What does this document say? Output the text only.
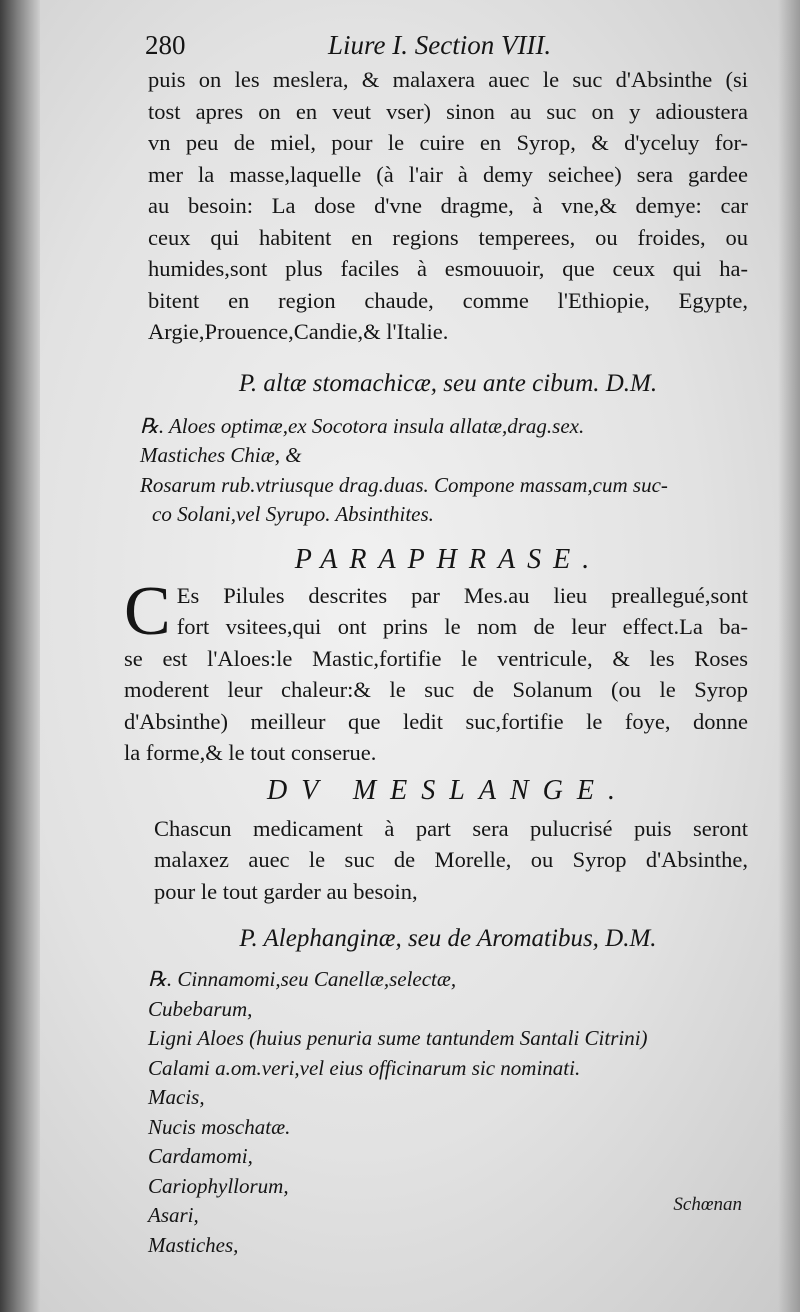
280	Liure I. Section VIII.

puis on les meslera, & malaxera auec le suc d'Absinthe (si
tost apres on en veut vser) sinon au suc on y adioustera
vn peu de miel, pour le cuire en Syrop, & d'yceluy for-
mer la masse,laquelle (à l'air à demy seichee) sera gardee
au besoin: La dose d'vne dragme, à vne,& demye: car
ceux qui habitent en regions temperees, ou froides, ou
humides,sont plus faciles à esmouuoir, que ceux qui ha-
bitent en region chaude, comme l'Ethiopie, Egypte,
Argie,Prouence,Candie,& l'Italie.

P. altæ stomachicæ, seu ante cibum. D.M.

℞. Aloes optimæ,ex Socotora insula allatæ,drag.sex.
Mastiches Chiæ, &
Rosarum rub.vtriusque drag.duas. Compone massam,cum suc-
co Solani,vel Syrupo. Absinthites.

PARAPHRASE.

C Es Pilules descrites par Mes.au lieu preallegué,sont
fort vsitees,qui ont prins le nom de leur effect.La ba-
se est l'Aloes:le Mastic,fortifie le ventricule, & les Roses
moderent leur chaleur:& le suc de Solanum (ou le Syrop
d'Absinthe) meilleur que ledit suc,fortifie le foye, donne
la forme,& le tout conserue.

DV MESLANGE.

Chascun medicament à part sera pulucrisé puis seront
malaxez auec le suc de Morelle, ou Syrop d'Absinthe,
pour le tout garder au besoin,

P. Alephanginæ, seu de Aromatibus, D.M.

℞. Cinnamomi,seu Canellæ,selectæ,
Cubebarum,
Ligni Aloes (huius penuria sume tantundem Santali Citrini)
Calami a.om.veri,vel eius officinarum sic nominati.
Macis,
Nucis moschatæ.
Cardamomi,
Cariophyllorum,
Asari,
Mastiches,

Schœnan
